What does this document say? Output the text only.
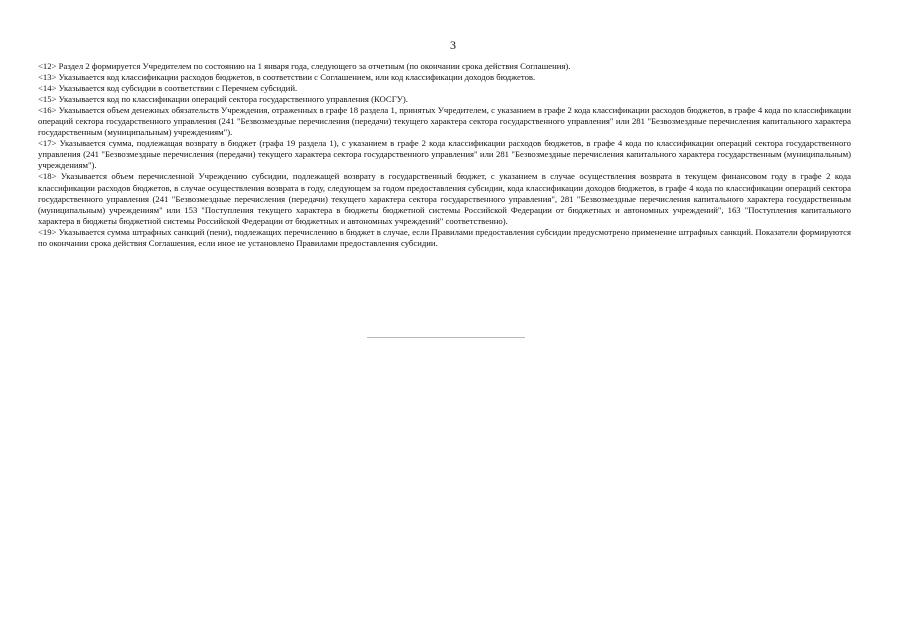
3

<12> Раздел 2 формируется Учредителем по состоянию на 1 января года, следующего за отчетным (по окончании срока действия Соглашения).

<13> Указывается код классификации расходов бюджетов, в соответствии с Соглашением, или код классификации доходов бюджетов.

<14> Указывается код субсидии в соответствии с Перечнем субсидий.

<15> Указывается код по классификации операций сектора государственного управления (КОСГУ).

<16> Указывается объем денежных обязательств Учреждения, отраженных в графе 18 раздела 1, принятых Учредителем, с указанием в графе 2 кода классификации расходов бюджетов, в графе 4 кода по классификации операций сектора государственного управления (241 "Безвозмездные перечисления (передачи) текущего характера сектора государственного управления" или 281 "Безвозмездные перечисления капитального характера государственным (муниципальным) учреждениям").

<17> Указывается сумма, подлежащая возврату в бюджет (графа 19 раздела 1), с указанием в графе 2 кода классификации расходов бюджетов, в графе 4 кода по классификации операций сектора государственного управления (241 "Безвозмездные перечисления (передачи) текущего характера сектора государственного управления" или 281 "Безвозмездные перечисления капитального характера государственным (муниципальным) учреждениям").

<18> Указывается объем перечисленной Учреждению субсидии, подлежащей возврату в государственный бюджет, с указанием в случае осуществления возврата в текущем финансовом году в графе 2 кода классификации расходов бюджетов, в случае осуществления возврата в году, следующем за годом предоставления субсидии, кода классификации доходов бюджетов, в графе 4 кода по классификации операций сектора государственного управления (241 "Безвозмездные перечисления (передачи) текущего характера сектора государственного управления", 281 "Безвозмездные перечисления капитального характера государственным (муниципальным) учреждениям" или 153 "Поступления текущего характера в бюджеты бюджетной системы Российской Федерации от бюджетных и автономных учреждений", 163 "Поступления капитального характера в бюджеты бюджетной системы Российской Федерации от бюджетных и автономных учреждений" соответственно).

<19> Указывается сумма штрафных санкций (пени), подлежащих перечислению в бюджет в случае, если Правилами предоставления субсидии предусмотрено применение штрафных санкций. Показатели формируются по окончании срока действия Соглашения, если иное не установлено Правилами предоставления субсидии.
